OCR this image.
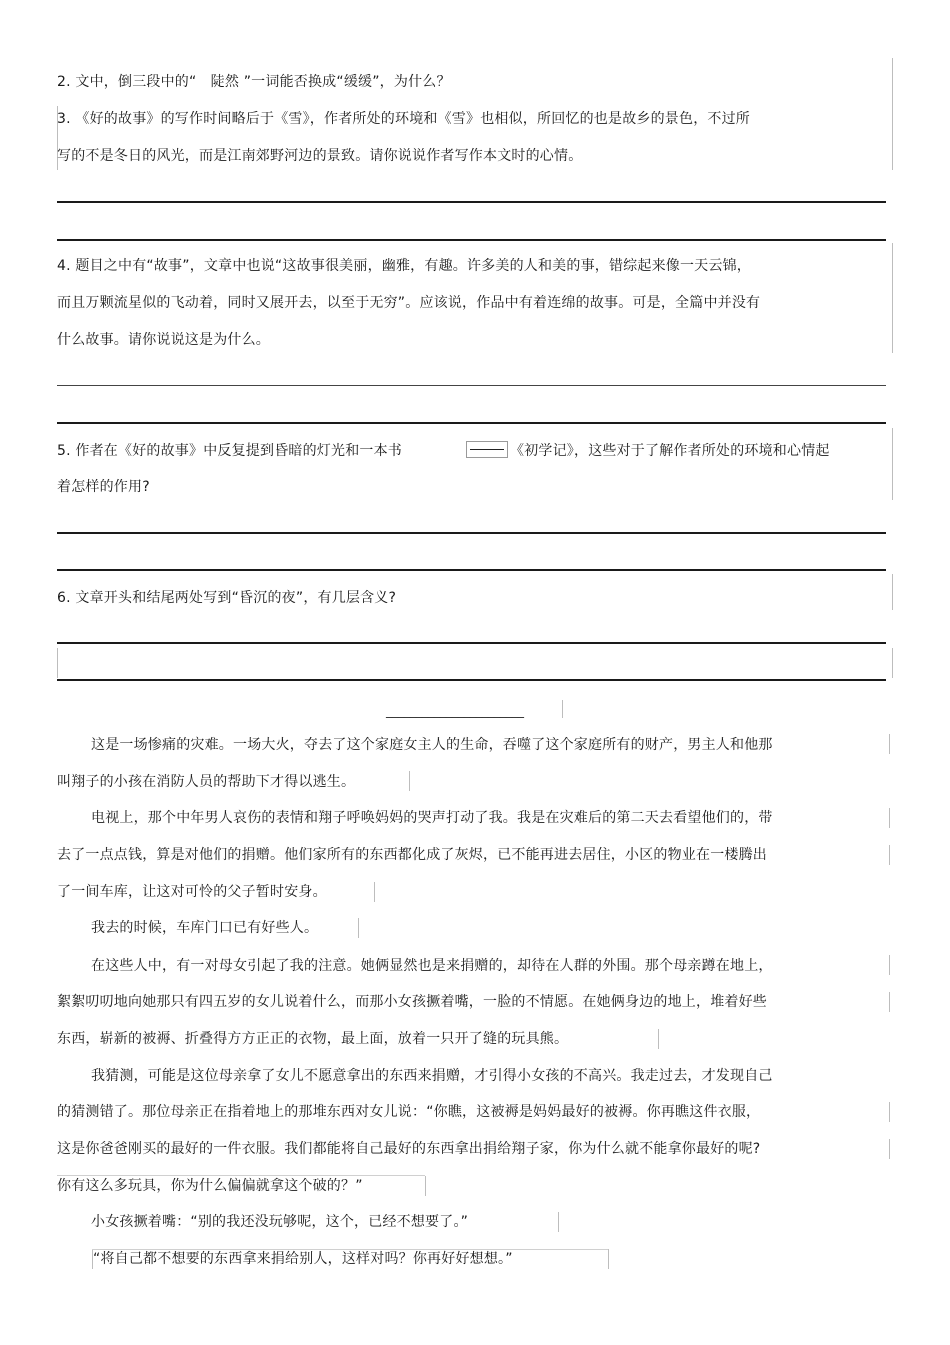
2. 文中，倒三段中的“　陡然 ”一词能否换成“缓缓”，为什么？
3. 《好的故事》的写作时间略后于《雪》，作者所处的环境和《雪》也相似，所回忆的也是故乡的景色，不过所
写的不是冬日的风光，而是江南郊野河边的景致。请你说说作者写作本文时的心情。
4. 题目之中有“故事”，文章中也说“这故事很美丽，幽雅，有趣。许多美的人和美的事，错综起来像一天云锦，
而且万颗流星似的飞动着，同时又展开去，以至于无穷”。应该说，作品中有着连绵的故事。可是，全篇中并没有
什么故事。请你说说这是为什么。
5. 作者在《好的故事》中反复提到昏暗的灯光和一本书	《初学记》，这些对于了解作者所处的环境和心情起
着怎样的作用?
6. 文章开头和结尾两处写到“昏沉的夜”，有几层含义?
_______________________
这是一场惨痛的灾难。一场大火，夺去了这个家庭女主人的生命，吞噬了这个家庭所有的财产，男主人和他那
叫翔子的小孩在消防人员的帮助下才得以逃生。
电视上，那个中年男人哀伤的表情和翔子呼唤妈妈的哭声打动了我。我是在灾难后的第二天去看望他们的，带
去了一点点钱，算是对他们的捐赠。他们家所有的东西都化成了灰烬，已不能再进去居住，小区的物业在一楼腾出
了一间车库，让这对可怜的父子暂时安身。
我去的时候，车库门口已有好些人。
在这些人中，有一对母女引起了我的注意。她俩显然也是来捐赠的，却待在人群的外围。那个母亲蹲在地上，
絮絮叨叨地向她那只有四五岁的女儿说着什么，而那小女孩撅着嘴，一脸的不情愿。在她俩身边的地上，堆着好些
东西，崭新的被褥、折叠得方方正正的衣物，最上面，放着一只开了缝的玩具熊。
我猜测，可能是这位母亲拿了女儿不愿意拿出的东西来捐赠，才引得小女孩的不高兴。我走过去，才发现自己
的猜测错了。那位母亲正在指着地上的那堆东西对女儿说：“你瞧，这被褥是妈妈最好的被褥。你再瞧这件衣服，
这是你爸爸刚买的最好的一件衣服。我们都能将自己最好的东西拿出捐给翔子家，你为什么就不能拿你最好的呢?
你有这么多玩具，你为什么偏偏就拿这个破的？”
小女孩撅着嘴：“别的我还没玩够呢，这个，已经不想要了。”
“将自己都不想要的东西拿来捐给别人，这样对吗？你再好好想想。”
